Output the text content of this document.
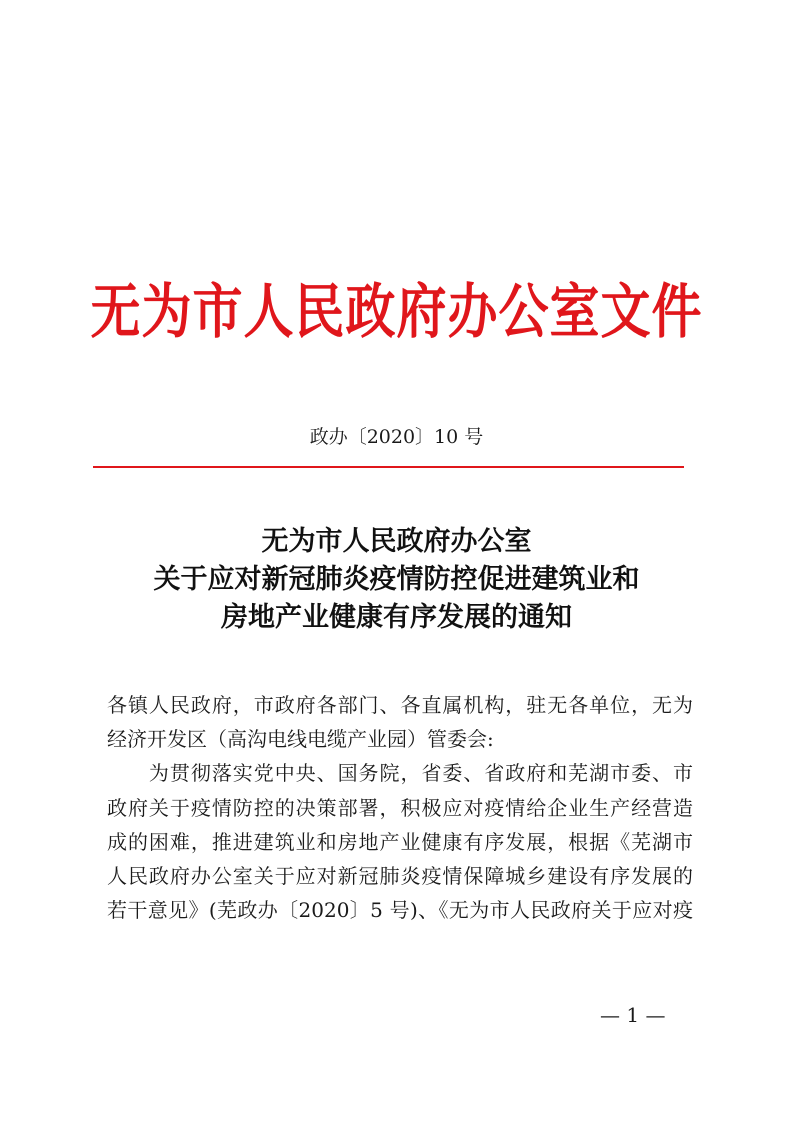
无为市人民政府办公室文件
政办〔2020〕10 号
无为市人民政府办公室
关于应对新冠肺炎疫情防控促进建筑业和
房地产业健康有序发展的通知
各镇人民政府，市政府各部门、各直属机构，驻无各单位，无为
经济开发区（高沟电线电缆产业园）管委会:
　　为贯彻落实党中央、国务院，省委、省政府和芜湖市委、市
政府关于疫情防控的决策部署，积极应对疫情给企业生产经营造
成的困难，推进建筑业和房地产业健康有序发展，根据《芜湖市
人民政府办公室关于应对新冠肺炎疫情保障城乡建设有序发展的
若干意见》(芜政办〔2020〕5 号)、《无为市人民政府关于应对疫
— 1 —
